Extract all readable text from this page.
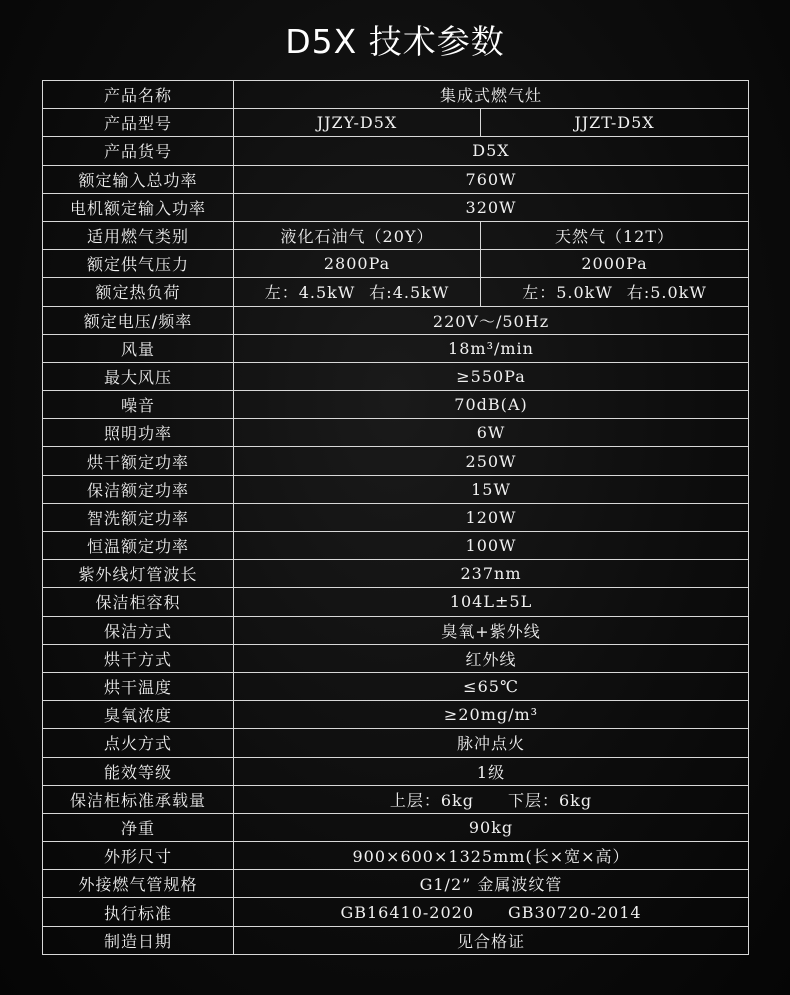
D5X 技术参数
产品名称	集成式燃气灶	
产品型号	JJZY-D5X	JJZT-D5X
产品货号	D5X	
额定输入总功率	760W	
电机额定输入功率	320W	
适用燃气类别	液化石油气（20Y）	天然气（12T）
额定供气压力	2800Pa	2000Pa
额定热负荷	左：4.5kW 右:4.5kW	左：5.0kW 右:5.0kW
额定电压/频率	220V～/50Hz	
风量	18m³/min	
最大风压	≥550Pa	
噪音	70dB(A)	
照明功率	6W	
烘干额定功率	250W	
保洁额定功率	15W	
智洗额定功率	120W	
恒温额定功率	100W	
紫外线灯管波长	237nm	
保洁柜容积	104L±5L	
保洁方式	臭氧+紫外线	
烘干方式	红外线	
烘干温度	≤65℃	
臭氧浓度	≥20mg/m³	
点火方式	脉冲点火	
能效等级	1级	
保洁柜标准承载量	上层：6kg 下层：6kg	
净重	90kg	
外形尺寸	900×600×1325mm(长×宽×高）	
外接燃气管规格	G1/2” 金属波纹管	
执行标准	GB16410-2020 GB30720-2014	
制造日期	见合格证	
